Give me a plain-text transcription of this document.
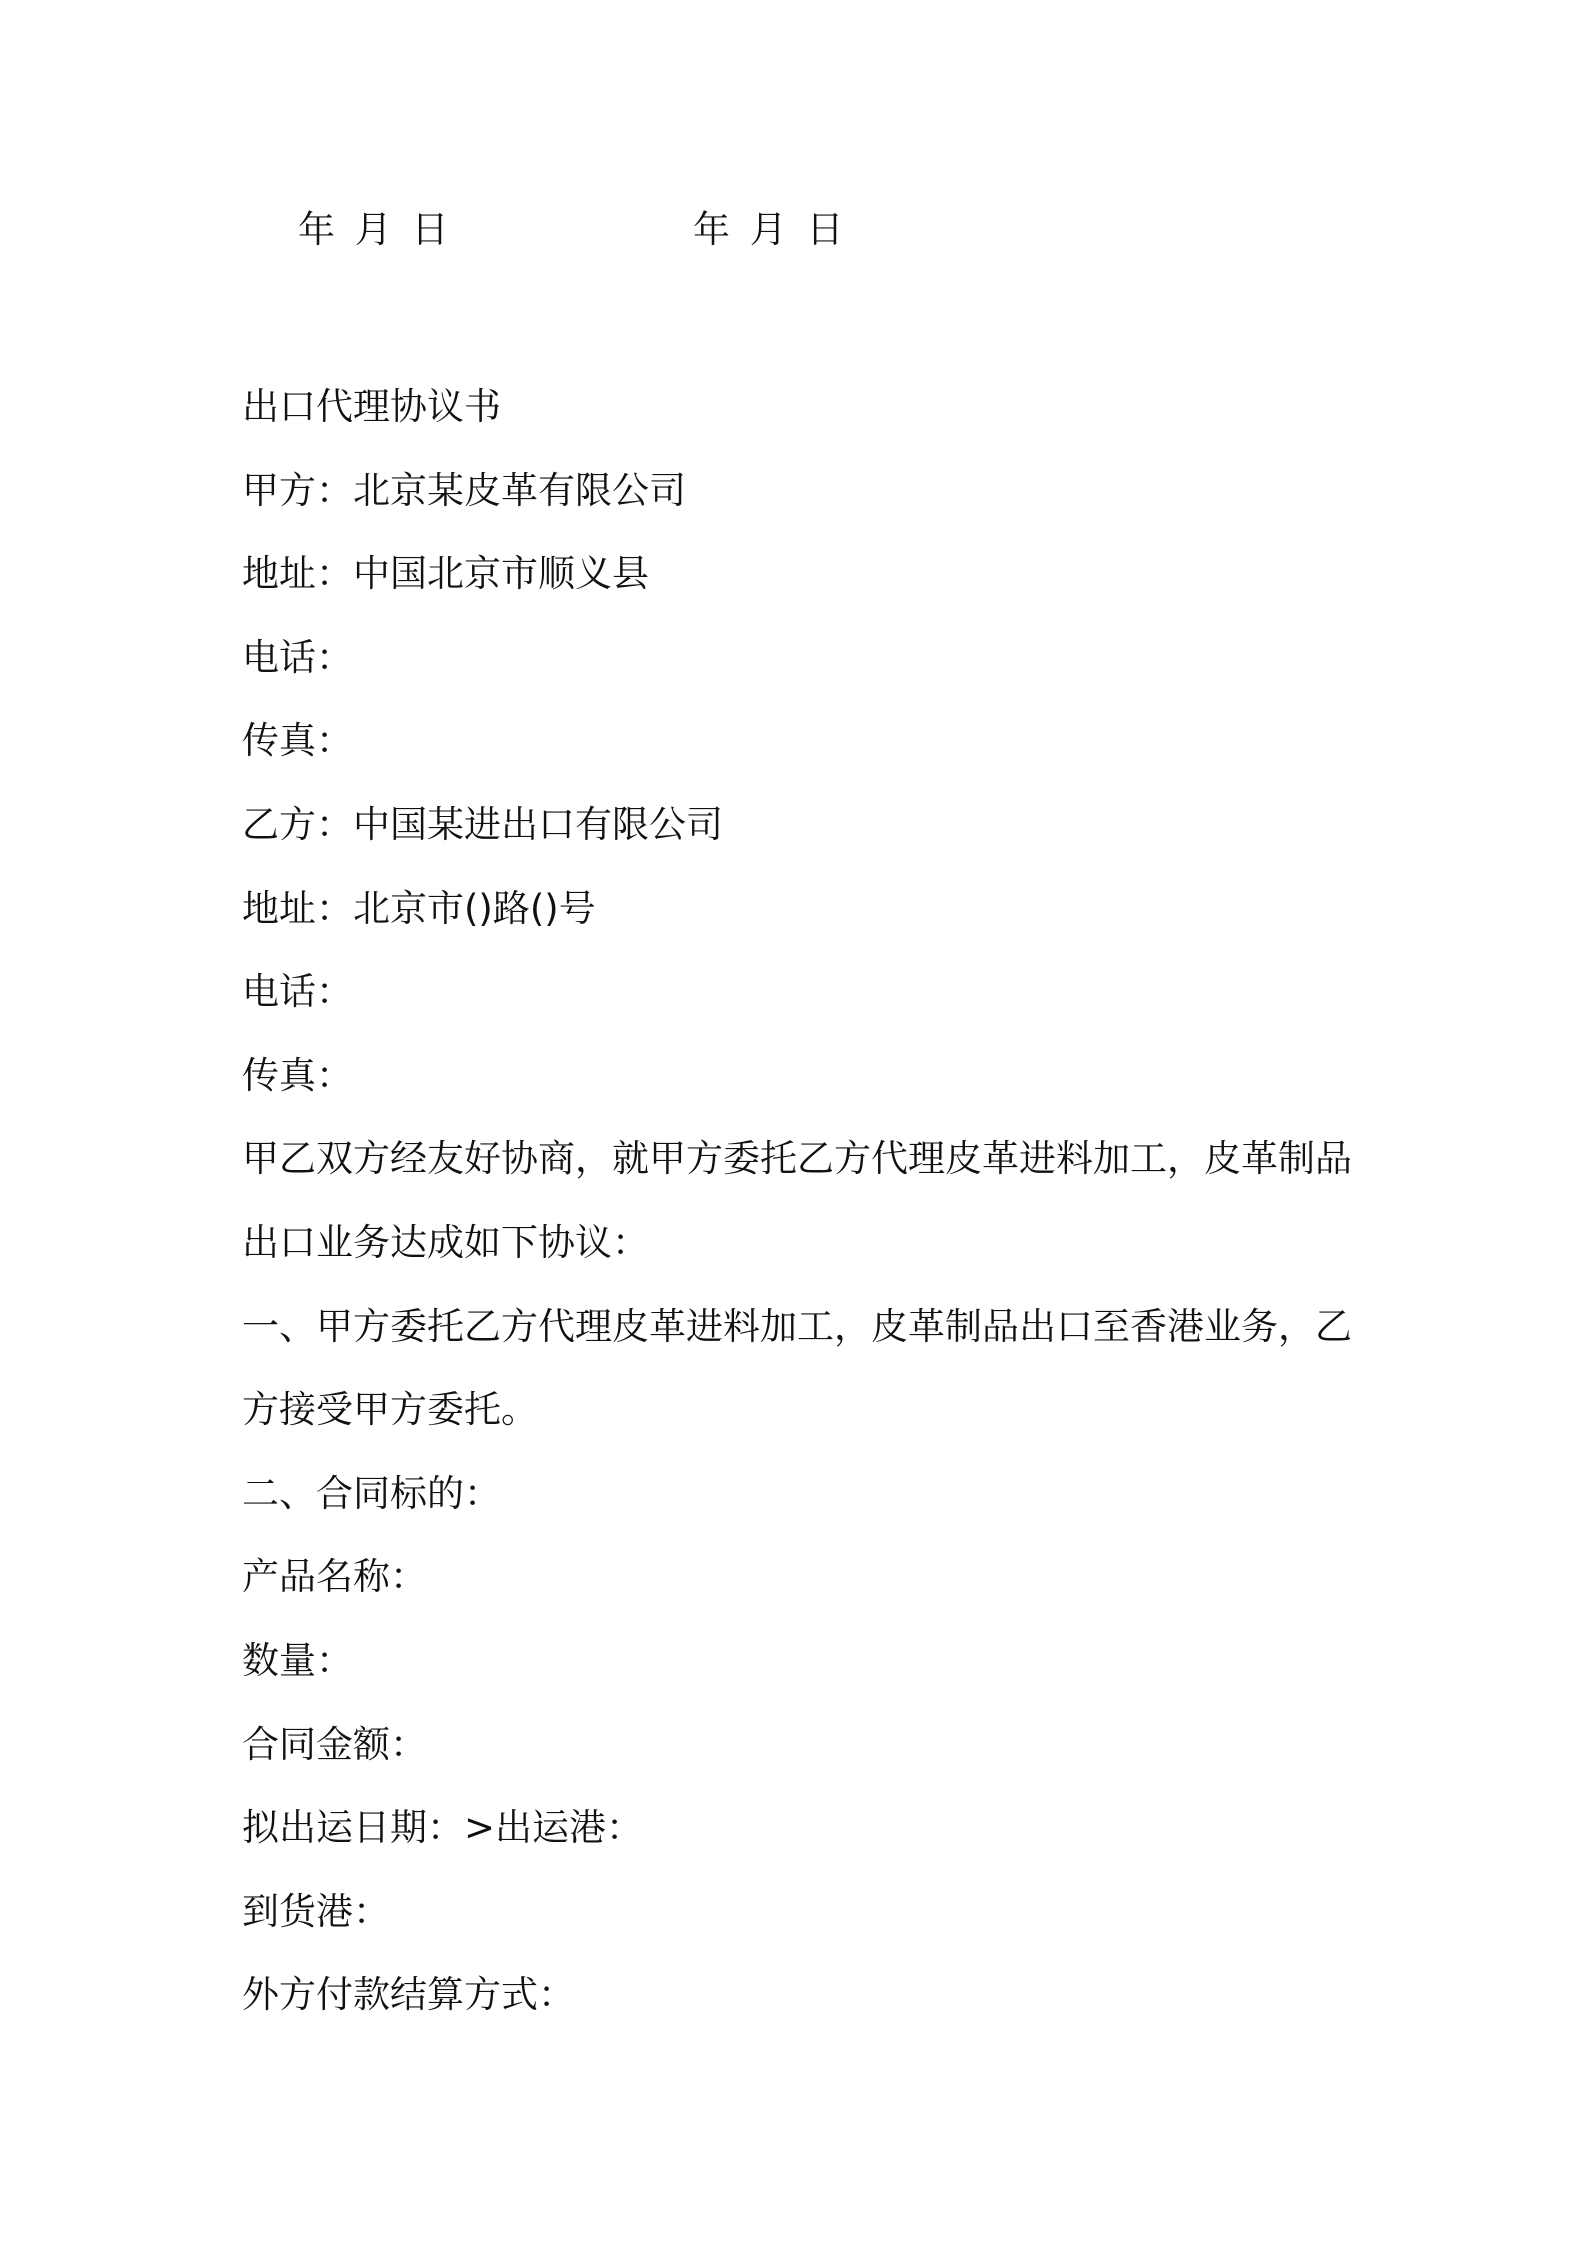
年 月 日	年 月 日

出口代理协议书

甲方：北京某皮革有限公司

地址：中国北京市顺义县

电话：

传真：

乙方：中国某进出口有限公司

地址：北京市()路()号

电话：

传真：

甲乙双方经友好协商，就甲方委托乙方代理皮革进料加工，皮革制品

出口业务达成如下协议：

一、甲方委托乙方代理皮革进料加工，皮革制品出口至香港业务，乙

方接受甲方委托。

二、合同标的：

产品名称：

数量：

合同金额：

拟出运日期：>出运港：

到货港：

外方付款结算方式：
